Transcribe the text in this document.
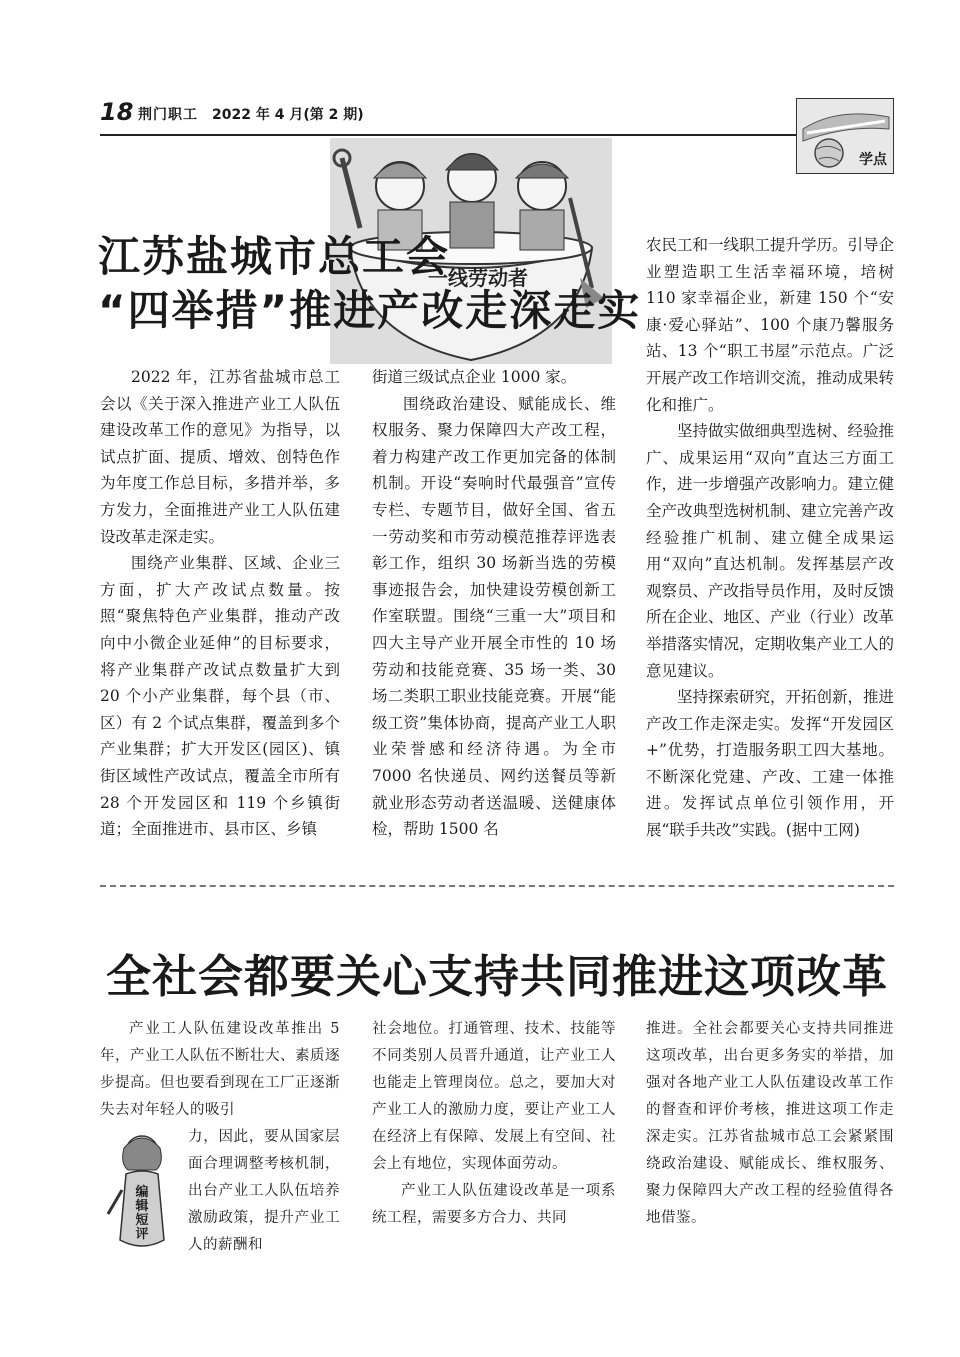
18 荆门职工 2022 年 4 月(第 2 期)
学点
一线劳动者
江苏盐城市总工会
“四举措”推进产改走深走实

2022 年，江苏省盐城市总工会以《关于深入推进产业工人队伍建设改革工作的意见》为指导，以试点扩面、提质、增效、创特色作为年度工作总目标，多措并举，多方发力，全面推进产业工人队伍建设改革走深走实。

围绕产业集群、区域、企业三方面，扩大产改试点数量。按照“聚焦特色产业集群，推动产改向中小微企业延伸”的目标要求，将产业集群产改试点数量扩大到 20 个小产业集群，每个县（市、区）有 2 个试点集群，覆盖到多个产业集群；扩大开发区(园区)、镇街区域性产改试点，覆盖全市所有 28 个开发园区和 119 个乡镇街道；全面推进市、县市区、乡镇

街道三级试点企业 1000 家。

围绕政治建设、赋能成长、维权服务、聚力保障四大产改工程，着力构建产改工作更加完备的体制机制。开设“奏响时代最强音”宣传专栏、专题节目，做好全国、省五一劳动奖和市劳动模范推荐评选表彰工作，组织 30 场新当选的劳模事迹报告会，加快建设劳模创新工作室联盟。围绕“三重一大”项目和四大主导产业开展全市性的 10 场劳动和技能竞赛、35 场一类、30 场二类职工职业技能竞赛。开展“能级工资”集体协商，提高产业工人职业荣誉感和经济待遇。为全市 7000 名快递员、网约送餐员等新就业形态劳动者送温暖、送健康体检，帮助 1500 名

农民工和一线职工提升学历。引导企业塑造职工生活幸福环境，培树 110 家幸福企业，新建 150 个“安康·爱心驿站”、100 个康乃馨服务站、13 个“职工书屋”示范点。广泛开展产改工作培训交流，推动成果转化和推广。

坚持做实做细典型选树、经验推广、成果运用“双向”直达三方面工作，进一步增强产改影响力。建立健全产改典型选树机制、建立完善产改经验推广机制、建立健全成果运用“双向”直达机制。发挥基层产改观察员、产改指导员作用，及时反馈所在企业、地区、产业（行业）改革举措落实情况，定期收集产业工人的意见建议。

坚持探索研究，开拓创新，推进产改工作走深走实。发挥“开发园区 +”优势，打造服务职工四大基地。不断深化党建、产改、工建一体推进。发挥试点单位引领作用，开展“联手共改”实践。(据中工网)

全社会都要关心支持共同推进这项改革

产业工人队伍建设改革推出 5 年，产业工人队伍不断壮大、素质逐步提高。但也要看到现在工厂正逐渐失去对年轻人的吸引

力，因此，要从国家层面合理调整考核机制，出台产业工人队伍培养激励政策，提升产业工人的薪酬和

编
辑
短
评

社会地位。打通管理、技术、技能等不同类别人员晋升通道，让产业工人也能走上管理岗位。总之，要加大对产业工人的激励力度，要让产业工人在经济上有保障、发展上有空间、社会上有地位，实现体面劳动。

产业工人队伍建设改革是一项系统工程，需要多方合力、共同

推进。全社会都要关心支持共同推进这项改革，出台更多务实的举措，加强对各地产业工人队伍建设改革工作的督查和评价考核，推进这项工作走深走实。江苏省盐城市总工会紧紧围绕政治建设、赋能成长、维权服务、聚力保障四大产改工程的经验值得各地借鉴。
